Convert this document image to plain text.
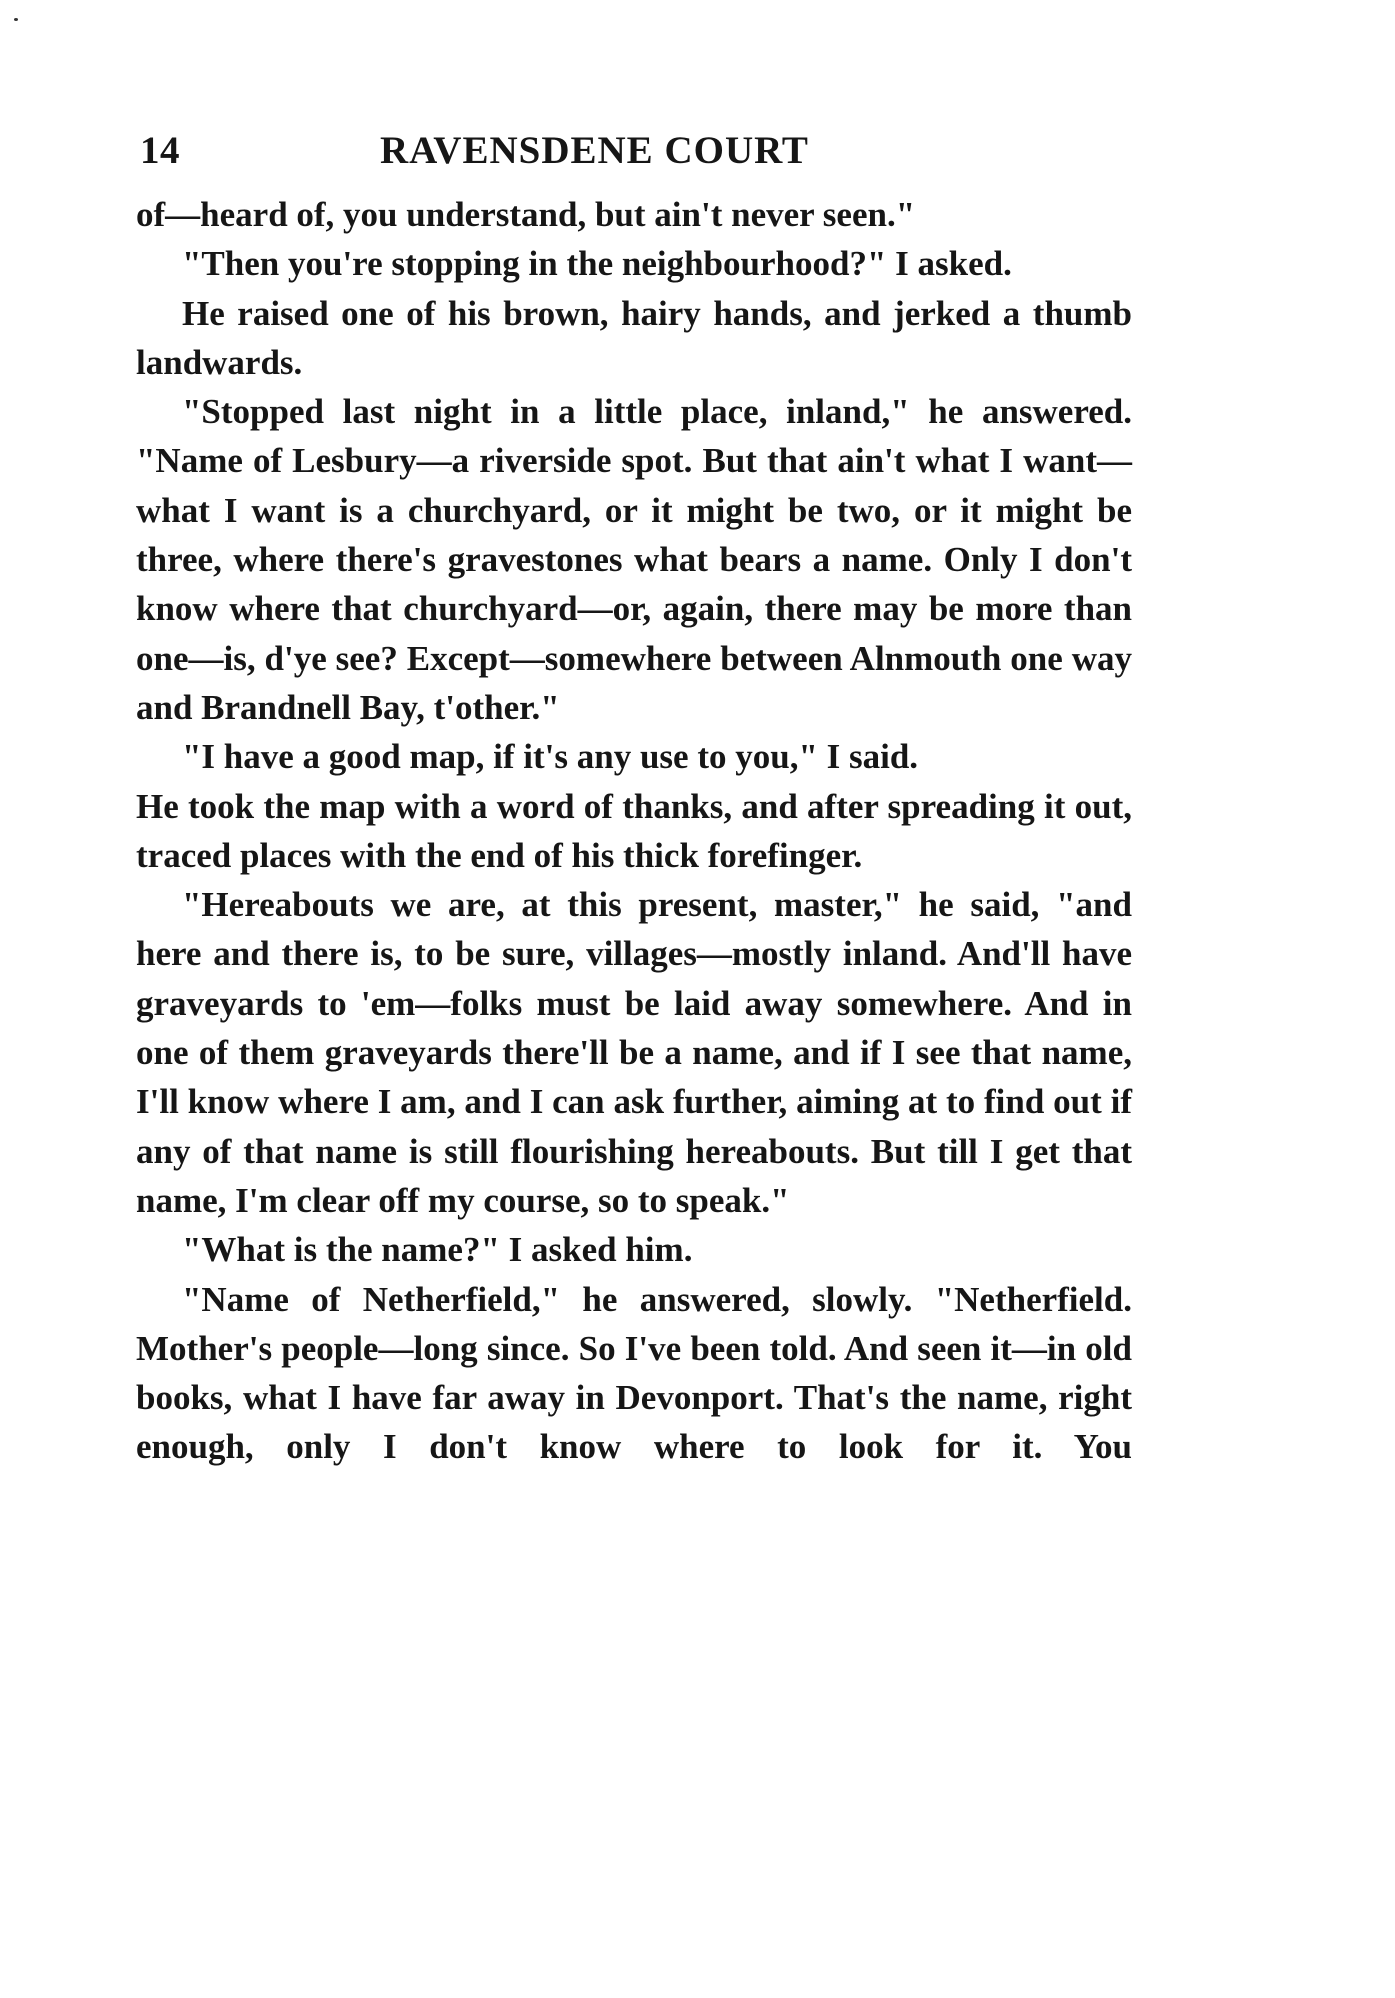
14	RAVENSDENE COURT

of—heard of, you understand, but ain't never seen."

"Then you're stopping in the neighbourhood?" I asked.

He raised one of his brown, hairy hands, and jerked a thumb landwards.

"Stopped last night in a little place, inland," he answered. "Name of Lesbury—a riverside spot. But that ain't what I want—what I want is a churchyard, or it might be two, or it might be three, where there's gravestones what bears a name. Only I don't know where that churchyard—or, again, there may be more than one—is, d'ye see? Except—somewhere between Alnmouth one way and Brandnell Bay, t'other."

"I have a good map, if it's any use to you," I said.

He took the map with a word of thanks, and after spreading it out, traced places with the end of his thick forefinger.

"Hereabouts we are, at this present, master," he said, "and here and there is, to be sure, villages—mostly inland. And'll have graveyards to 'em—folks must be laid away somewhere. And in one of them graveyards there'll be a name, and if I see that name, I'll know where I am, and I can ask further, aiming at to find out if any of that name is still flourishing hereabouts. But till I get that name, I'm clear off my course, so to speak."

"What is the name?" I asked him.

"Name of Netherfield," he answered, slowly. "Netherfield. Mother's people—long since. So I've been told. And seen it—in old books, what I have far away in Devonport. That's the name, right enough, only I don't know where to look for it. You
